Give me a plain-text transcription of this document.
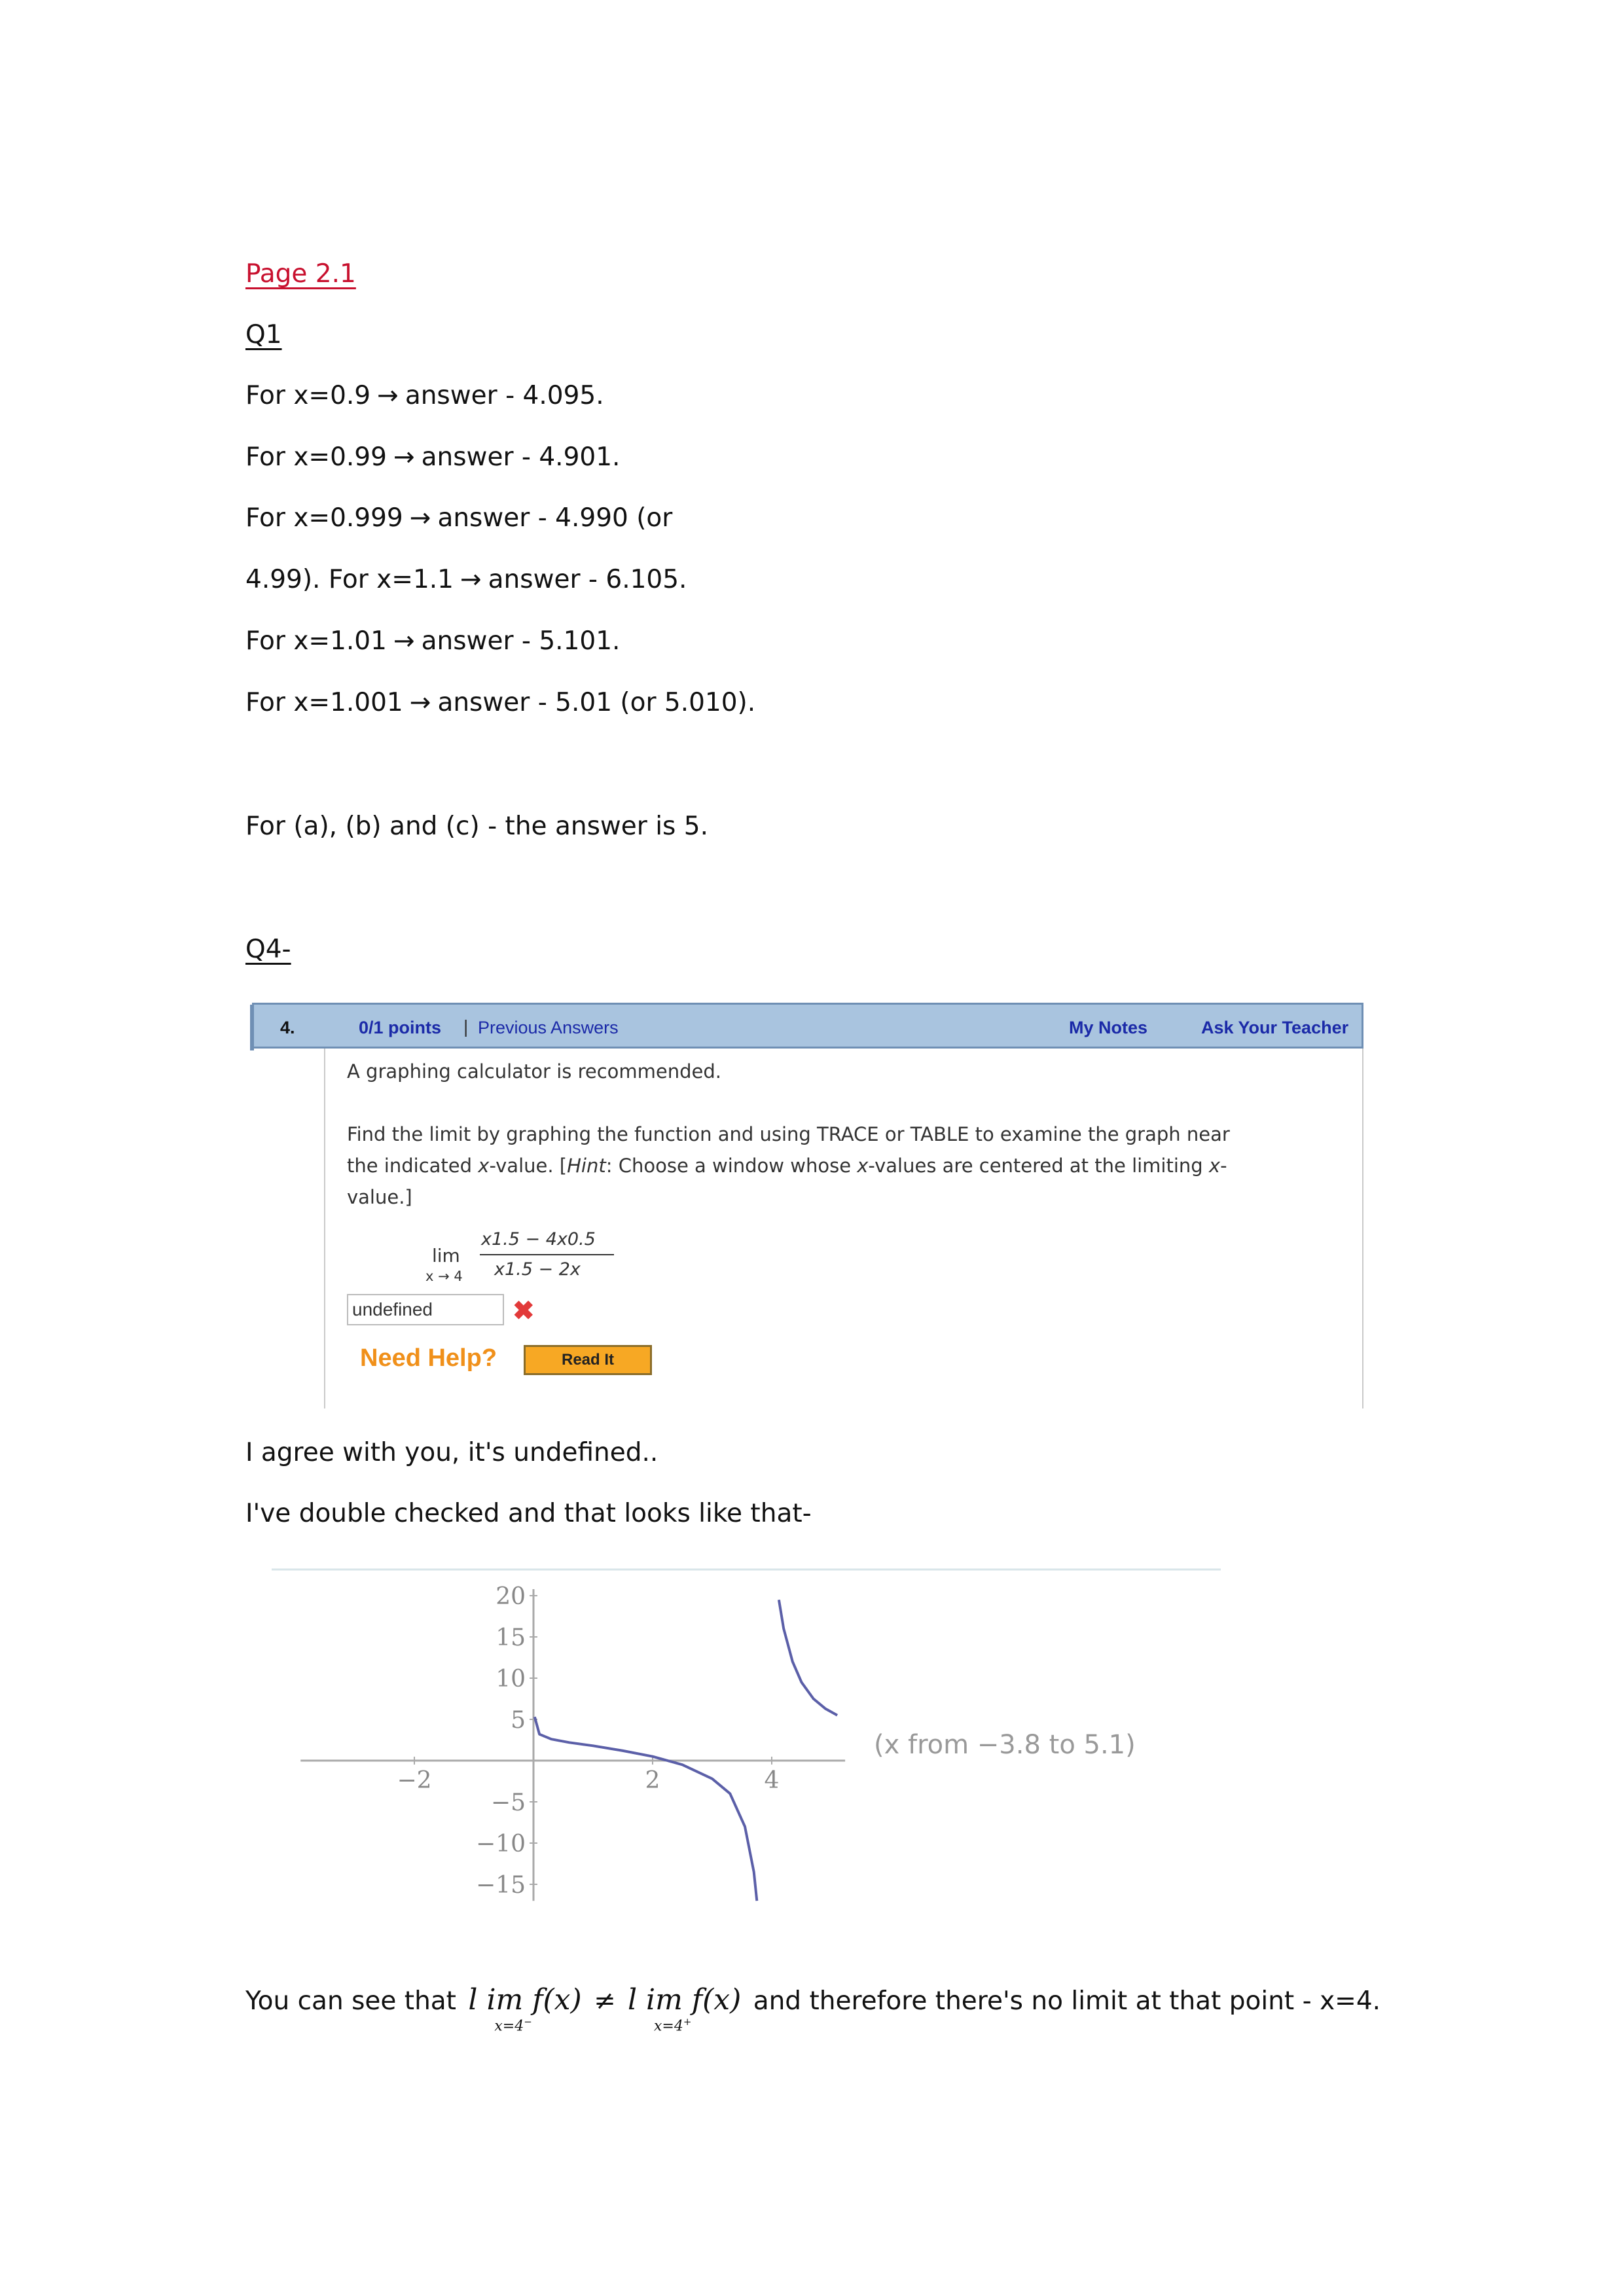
Page 2.1
Q1
For x=0.9 → answer - 4.095.
For x=0.99 → answer - 4.901.
For x=0.999 → answer - 4.990 (or
4.99). For x=1.1 → answer - 6.105.
For x=1.01 → answer - 5.101.
For x=1.001 → answer - 5.01 (or 5.010).
For (a), (b) and (c) - the answer is 5.
Q4-
4.	0/1 points | Previous Answers	My Notes	Ask Your Teacher
A graphing calculator is recommended.
Find the limit by graphing the function and using TRACE or TABLE to examine the graph near
the indicated x-value. [Hint: Choose a window whose x-values are centered at the limiting x-
value.]
lim
x → 4
x1.5 − 4x0.5
x1.5 − 2x
undefined	✖
Need Help?	Read It
I agree with you, it's undefined..
I've double checked and that looks like that-
−2	2	4
20
15
10
5
−5
−10
−15
(x from −3.8 to 5.1)
You can see that l im f(x)
x=4−
≠ l im f(x)
x=4+
and therefore there's no limit at that point - x=4.
